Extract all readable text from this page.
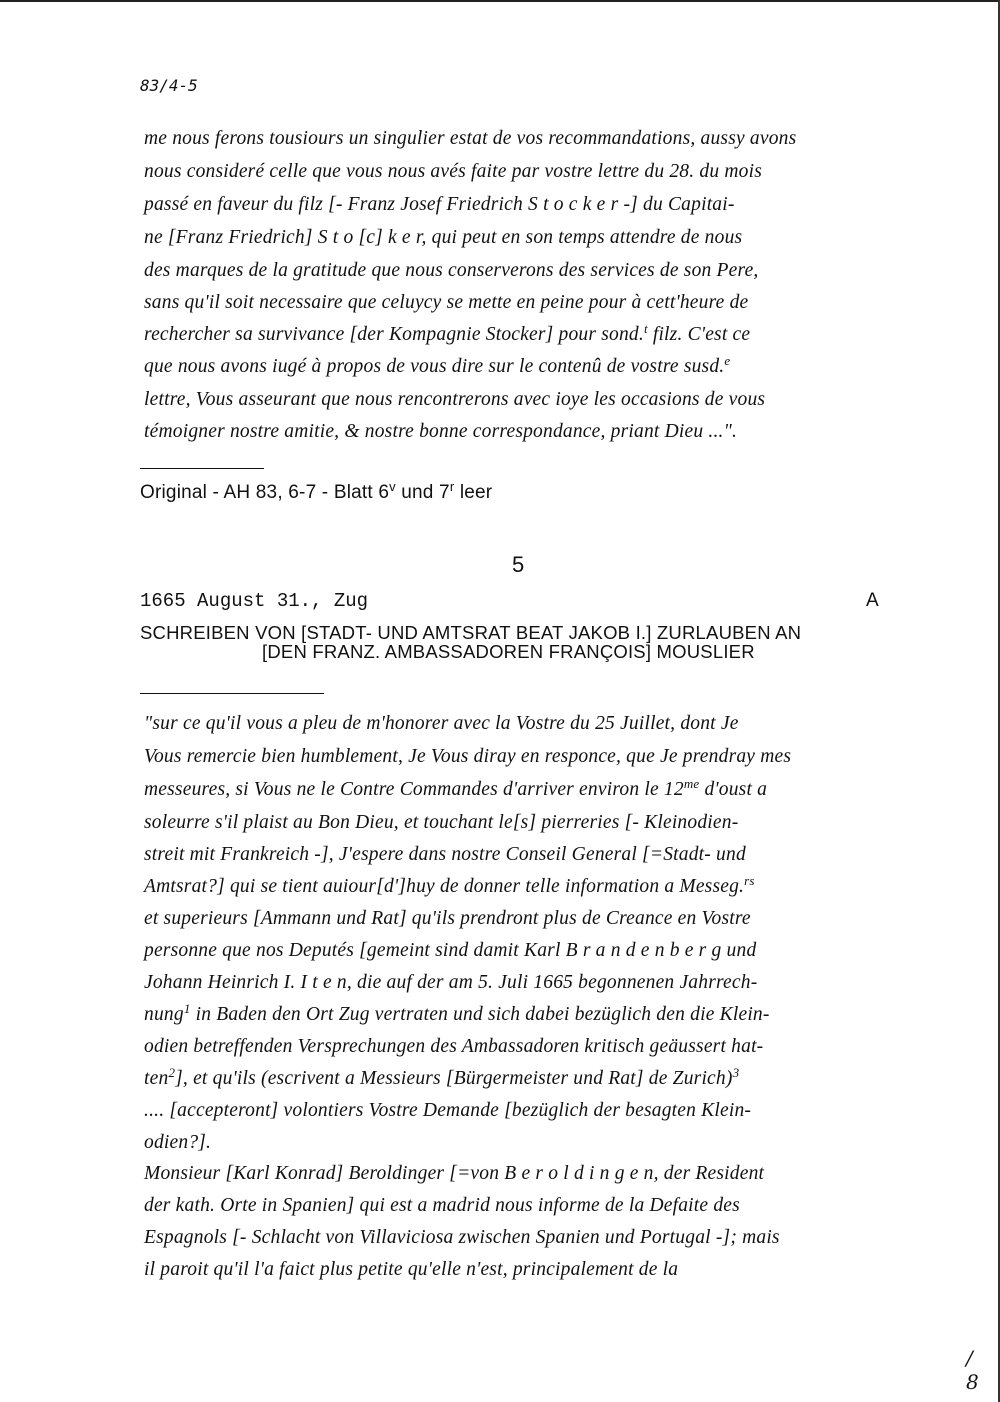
83/4-5
me nous ferons tousiours un singulier estat de vos recommandations, aussy avons
nous consideré celle que vous nous avés faite par vostre lettre du 28. du mois
passé en faveur du filz [- Franz Josef Friedrich S t o c k e r -] du Capitai-
ne [Franz Friedrich] S t o [c] k e r, qui peut en son temps attendre de nous
des marques de la gratitude que nous conserverons des services de son Pere,
sans qu'il soit necessaire que celuycy se mette en peine pour à cett'heure de
rechercher sa survivance [der Kompagnie Stocker] pour sond.$^t$ filz. C'est ce
que nous avons iugé à propos de vous dire sur le contenû de vostre susd.$^e$
lettre, Vous asseurant que nous rencontrerons avec ioye les occasions de vous
témoigner nostre amitie, & nostre bonne correspondance, priant Dieu ...".
Original - AH 83, 6-7 - Blatt 6$^v$ und 7$^r$ leer
5
1665 August 31., Zug	A
SCHREIBEN VON [STADT- UND AMTSRAT BEAT JAKOB I.] ZURLAUBEN AN
[DEN FRANZ. AMBASSADOREN FRANÇOIS] MOUSLIER
"sur ce qu'il vous a pleu de m'honorer avec la Vostre du 25 Juillet, dont Je
Vous remercie bien humblement, Je Vous diray en responce, que Je prendray mes
messeures, si Vous ne le Contre Commandes d'arriver environ le $12^{me}$ d'oust a
soleurre s'il plaist au Bon Dieu, et touchant le[s] pierreries [- Kleinodien-
streit mit Frankreich -], J'espere dans nostre Conseil General [=Stadt- und
Amtsrat?] qui se tient auiour[d']huy de donner telle information a Messeg.$^{rs}$
et superieurs [Ammann und Rat] qu'ils prendront plus de Creance en Vostre
personne que nos Deputés [gemeint sind damit Karl B r a n d e n b e r g und
Johann Heinrich I. I t e n, die auf der am 5. Juli 1665 begonnenen Jahrrech-
nung$^1$ in Baden den Ort Zug vertraten und sich dabei bezüglich den die Klein-
odien betreffenden Versprechungen des Ambassadoren kritisch geäussert hat-
ten$^2$], et qu'ils (escrivent a Messieurs [Bürgermeister und Rat] de Zurich)$^3$
.... [accepteront] volontiers Vostre Demande [bezüglich der besagten Klein-
odien?].
Monsieur [Karl Konrad] Beroldinger [=von B e r o l d i n g e n, der Resident
der kath. Orte in Spanien] qui est a madrid nous informe de la Defaite des
Espagnols [- Schlacht von Villaviciosa zwischen Spanien und Portugal -]; mais
il paroit qu'il l'a faict plus petite qu'elle n'est, principalement de la
/
8
